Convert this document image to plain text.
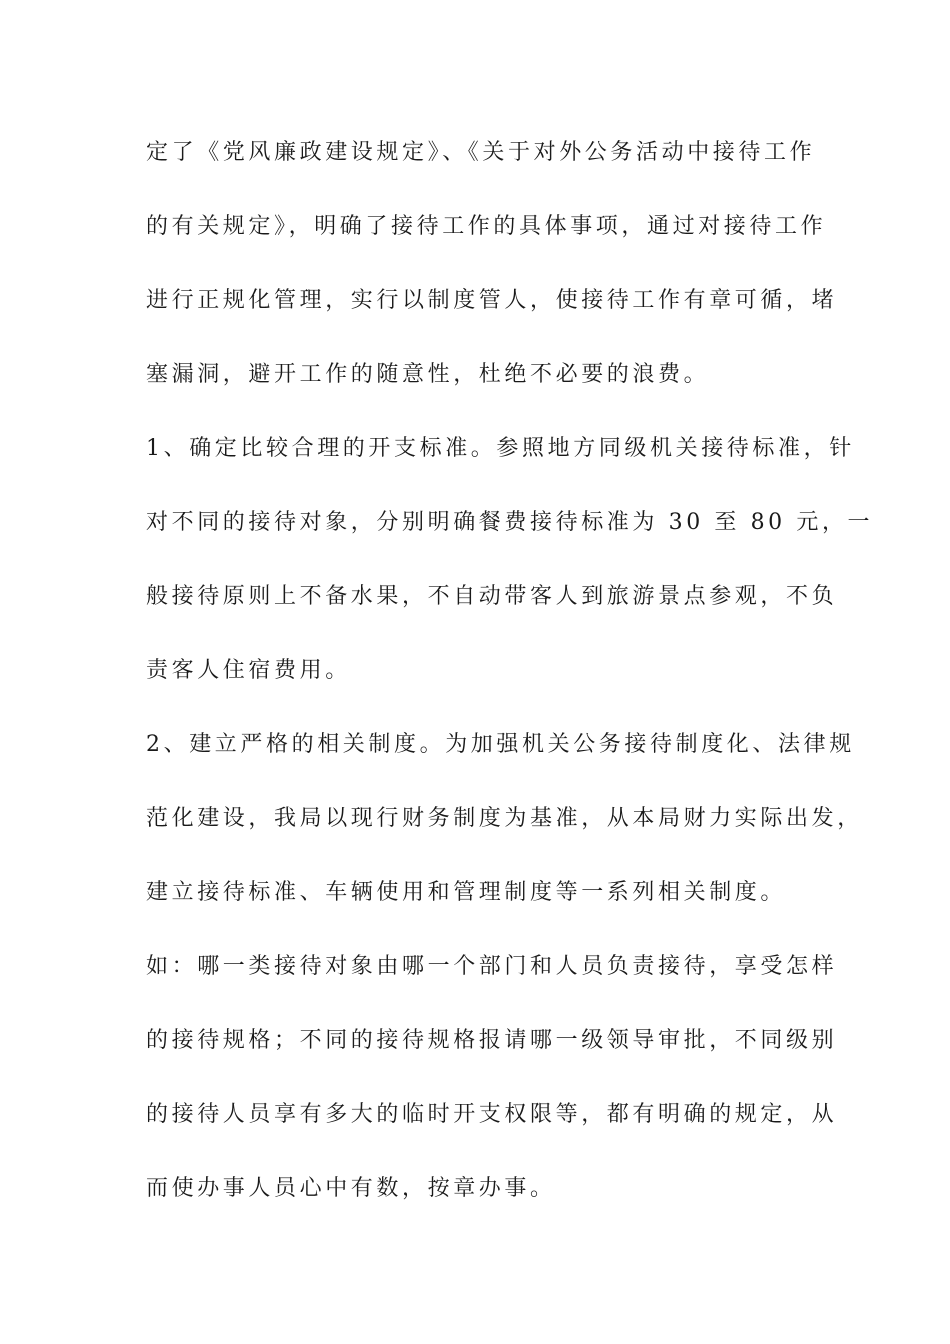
定了《党风廉政建设规定》、《关于对外公务活动中接待工作
的有关规定》，明确了接待工作的具体事项，通过对接待工作
进行正规化管理，实行以制度管人，使接待工作有章可循，堵
塞漏洞，避开工作的随意性，杜绝不必要的浪费。
1、确定比较合理的开支标准。参照地方同级机关接待标准，针
对不同的接待对象，分别明确餐费接待标准为 30 至 80 元，一
般接待原则上不备水果，不自动带客人到旅游景点参观，不负
责客人住宿费用。
2、建立严格的相关制度。为加强机关公务接待制度化、法律规
范化建设，我局以现行财务制度为基准，从本局财力实际出发，
建立接待标准、车辆使用和管理制度等一系列相关制度。
如：哪一类接待对象由哪一个部门和人员负责接待，享受怎样
的接待规格；不同的接待规格报请哪一级领导审批，不同级别
的接待人员享有多大的临时开支权限等，都有明确的规定，从
而使办事人员心中有数，按章办事。
